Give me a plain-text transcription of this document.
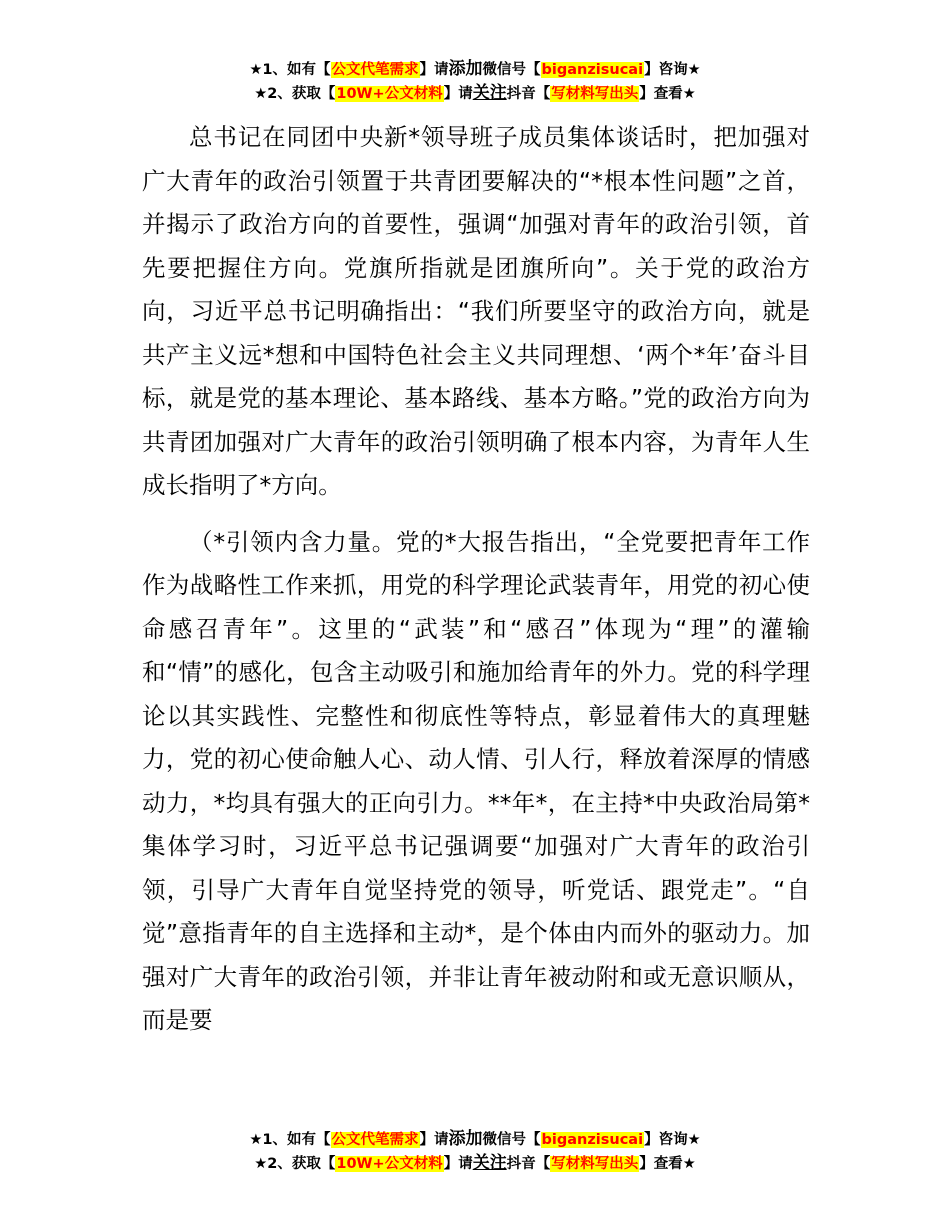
★1、如有【公文代笔需求】请添加微信号【biganzisucai】咨询★
★2、获取【10W+公文材料】请关注抖音【写材料写出头】查看★

总书记在同团中央新*领导班子成员集体谈话时，把加强对广大青年的政治引领置于共青团要解决的“*根本性问题”之首，并揭示了政治方向的首要性，强调“加强对青年的政治引领，首先要把握住方向。党旗所指就是团旗所向”。关于党的政治方向，习近平总书记明确指出：“我们所要坚守的政治方向，就是共产主义远*想和中国特色社会主义共同理想、‘两个*年’奋斗目标，就是党的基本理论、基本路线、基本方略。”党的政治方向为共青团加强对广大青年的政治引领明确了根本内容，为青年人生成长指明了*方向。

（*引领内含力量。党的*大报告指出，“全党要把青年工作作为战略性工作来抓，用党的科学理论武装青年，用党的初心使命感召青年”。这里的“武装”和“感召”体现为“理”的灌输和“情”的感化，包含主动吸引和施加给青年的外力。党的科学理论以其实践性、完整性和彻底性等特点，彰显着伟大的真理魅力，党的初心使命触人心、动人情、引人行，释放着深厚的情感动力，*均具有强大的正向引力。**年*，在主持*中央政治局第*集体学习时，习近平总书记强调要“加强对广大青年的政治引领，引导广大青年自觉坚持党的领导，听党话、跟党走”。“自觉”意指青年的自主选择和主动*，是个体由内而外的驱动力。加强对广大青年的政治引领，并非让青年被动附和或无意识顺从，而是要

★1、如有【公文代笔需求】请添加微信号【biganzisucai】咨询★
★2、获取【10W+公文材料】请关注抖音【写材料写出头】查看★
